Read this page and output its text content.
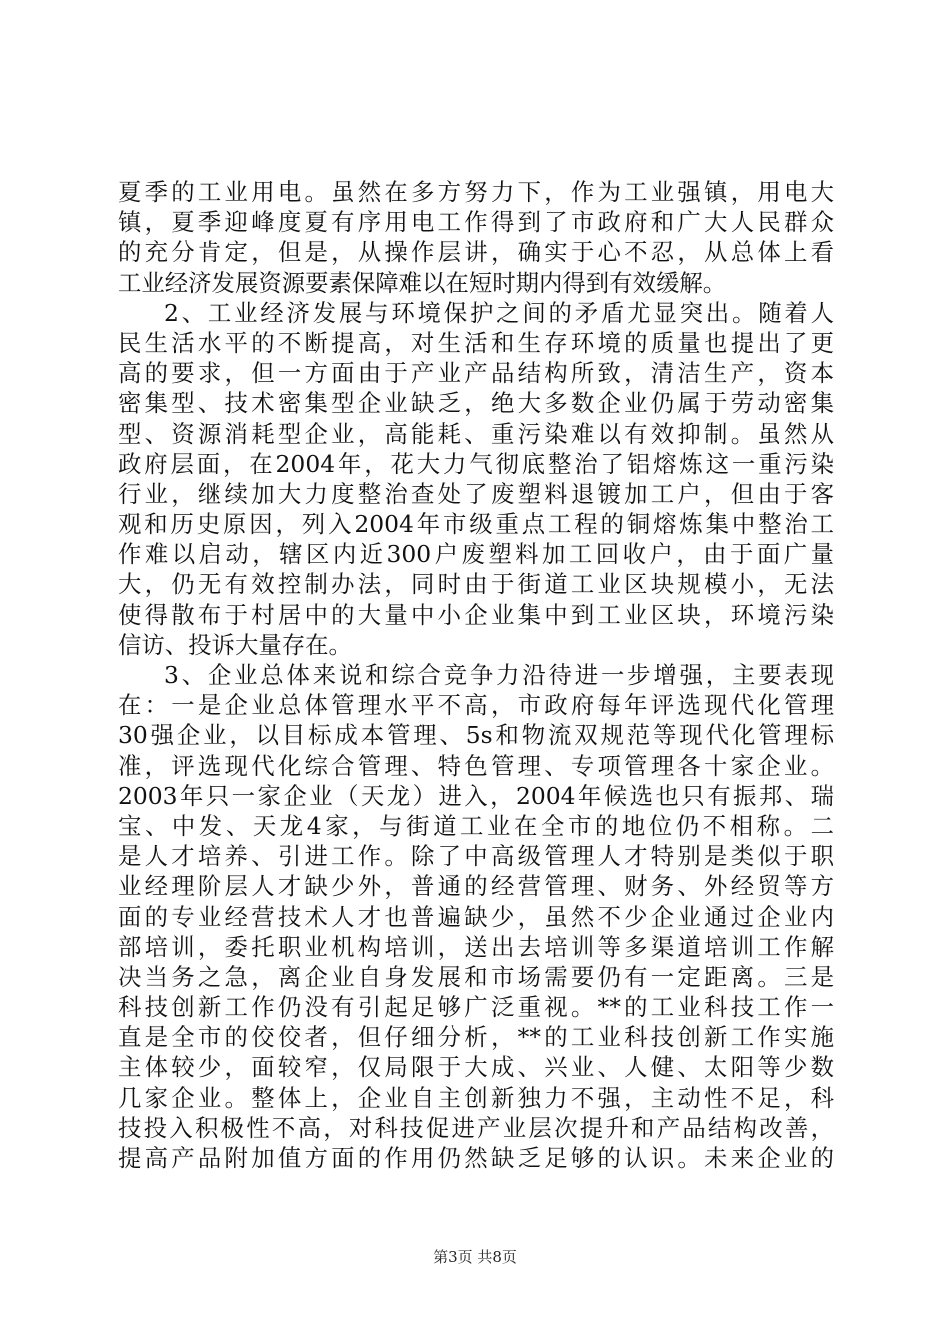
夏季的工业用电。虽然在多方努力下，作为工业强镇，用电大
镇，夏季迎峰度夏有序用电工作得到了市政府和广大人民群众
的充分肯定，但是，从操作层讲，确实于心不忍，从总体上看
工业经济发展资源要素保障难以在短时期内得到有效缓解。
2、工业经济发展与环境保护之间的矛盾尤显突出。随着人
民生活水平的不断提高，对生活和生存环境的质量也提出了更
高的要求，但一方面由于产业产品结构所致，清洁生产，资本
密集型、技术密集型企业缺乏，绝大多数企业仍属于劳动密集
型、资源消耗型企业，高能耗、重污染难以有效抑制。虽然从
政府层面，在2004年，花大力气彻底整治了铝熔炼这一重污染
行业，继续加大力度整治查处了废塑料退镀加工户，但由于客
观和历史原因，列入2004年市级重点工程的铜熔炼集中整治工
作难以启动，辖区内近300户废塑料加工回收户，由于面广量
大，仍无有效控制办法，同时由于街道工业区块规模小，无法
使得散布于村居中的大量中小企业集中到工业区块，环境污染
信访、投诉大量存在。
3、企业总体来说和综合竞争力沿待进一步增强，主要表现
在：一是企业总体管理水平不高，市政府每年评选现代化管理
30强企业，以目标成本管理、5s和物流双规范等现代化管理标
准，评选现代化综合管理、特色管理、专项管理各十家企业。
2003年只一家企业（天龙）进入，2004年候选也只有振邦、瑞
宝、中发、天龙4家，与街道工业在全市的地位仍不相称。二
是人才培养、引进工作。除了中高级管理人才特别是类似于职
业经理阶层人才缺少外，普通的经营管理、财务、外经贸等方
面的专业经营技术人才也普遍缺少，虽然不少企业通过企业内
部培训，委托职业机构培训，送出去培训等多渠道培训工作解
决当务之急，离企业自身发展和市场需要仍有一定距离。三是
科技创新工作仍没有引起足够广泛重视。**的工业科技工作一
直是全市的佼佼者，但仔细分析，**的工业科技创新工作实施
主体较少，面较窄，仅局限于大成、兴业、人健、太阳等少数
几家企业。整体上，企业自主创新独力不强，主动性不足，科
技投入积极性不高，对科技促进产业层次提升和产品结构改善，
提高产品附加值方面的作用仍然缺乏足够的认识。未来企业的
第3页 共8页
